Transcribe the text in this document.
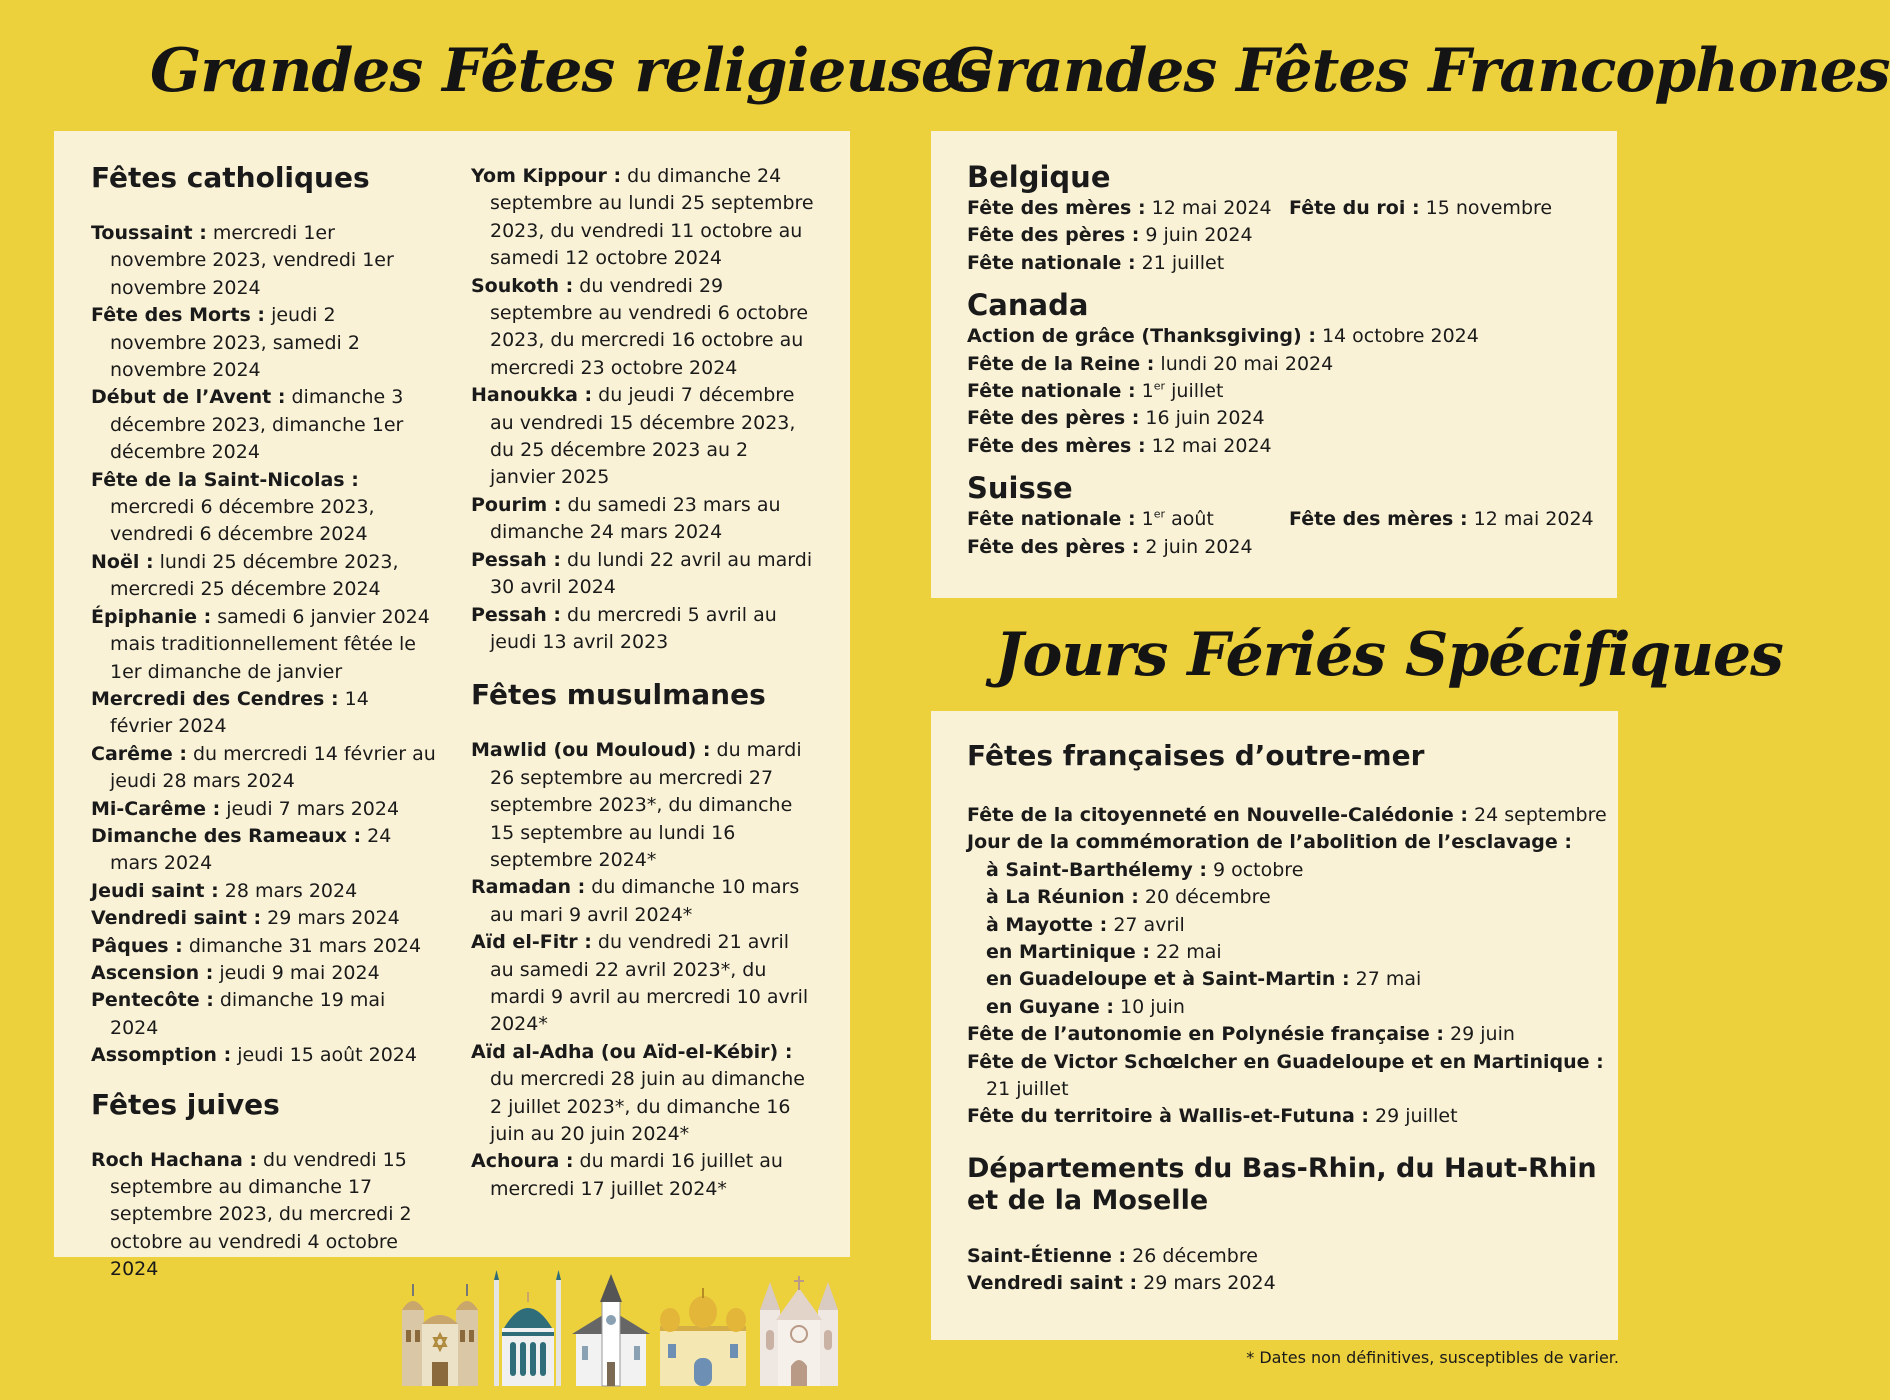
Grandes Fêtes religieuses
Grandes Fêtes Francophones
Jours Fériés Spécifiques
Fêtes catholiques
Toussaint : mercredi 1er novembre 2023, vendredi 1er novembre 2024
Fête des Morts : jeudi 2 novembre 2023, samedi 2 novembre 2024
Début de l’Avent : dimanche 3 décembre 2023, dimanche 1er décembre 2024
Fête de la Saint-Nicolas : mercredi 6 décembre 2023, vendredi 6 décembre 2024
Noël : lundi 25 décembre 2023, mercredi 25 décembre 2024
Épiphanie : samedi 6 janvier 2024 mais traditionnellement fêtée le 1er dimanche de janvier
Mercredi des Cendres : 14 février 2024
Carême : du mercredi 14 février au jeudi 28 mars 2024
Mi-Carême : jeudi 7 mars 2024
Dimanche des Rameaux : 24 mars 2024
Jeudi saint : 28 mars 2024
Vendredi saint : 29 mars 2024
Pâques : dimanche 31 mars 2024
Ascension : jeudi 9 mai 2024
Pentecôte : dimanche 19 mai 2024
Assomption : jeudi 15 août 2024
Fêtes juives
Roch Hachana : du vendredi 15 septembre au dimanche 17 septembre 2023, du mercredi 2 octobre au vendredi 4 octobre 2024
Yom Kippour : du dimanche 24 septembre au lundi 25 septembre 2023, du vendredi 11 octobre au samedi 12 octobre 2024
Soukoth : du vendredi 29 septembre au vendredi 6 octobre 2023, du mercredi 16 octobre au mercredi 23 octobre 2024
Hanoukka : du jeudi 7 décembre au vendredi 15 décembre 2023, du 25 décembre 2023 au 2 janvier 2025
Pourim : du samedi 23 mars au dimanche 24 mars 2024
Pessah : du lundi 22 avril au mardi 30 avril 2024
Pessah : du mercredi 5 avril au jeudi 13 avril 2023
Fêtes musulmanes
Mawlid (ou Mouloud) : du mardi 26 septembre au mercredi 27 septembre 2023*, du dimanche 15 septembre au lundi 16 septembre 2024*
Ramadan : du dimanche 10 mars au mari 9 avril 2024*
Aïd el-Fitr : du vendredi 21 avril au samedi 22 avril 2023*, du mardi 9 avril au mercredi 10 avril 2024*
Aïd al-Adha (ou Aïd-el-Kébir) : du mercredi 28 juin au dimanche 2 juillet 2023*, du dimanche 16 juin au 20 juin 2024*
Achoura : du mardi 16 juillet au mercredi 17 juillet 2024*
Belgique
Fête des mères : 12 mai 2024 Fête du roi : 15 novembre
Fête des pères : 9 juin 2024
Fête nationale : 21 juillet
Canada
Action de grâce (Thanksgiving) : 14 octobre 2024
Fête de la Reine : lundi 20 mai 2024
Fête nationale : 1er juillet
Fête des pères : 16 juin 2024
Fête des mères : 12 mai 2024
Suisse
Fête nationale : 1er août	Fête des mères : 12 mai 2024
Fête des pères : 2 juin 2024
Fêtes françaises d’outre-mer
Fête de la citoyenneté en Nouvelle-Calédonie : 24 septembre
Jour de la commémoration de l’abolition de l’esclavage :
à Saint-Barthélemy : 9 octobre
à La Réunion : 20 décembre
à Mayotte : 27 avril
en Martinique : 22 mai
en Guadeloupe et à Saint-Martin : 27 mai
en Guyane : 10 juin
Fête de l’autonomie en Polynésie française : 29 juin
Fête de Victor Schœlcher en Guadeloupe et en Martinique :
21 juillet
Fête du territoire à Wallis-et-Futuna : 29 juillet
Départements du Bas-Rhin, du Haut-Rhin
et de la Moselle
Saint-Étienne : 26 décembre
Vendredi saint : 29 mars 2024
* Dates non définitives, susceptibles de varier.
